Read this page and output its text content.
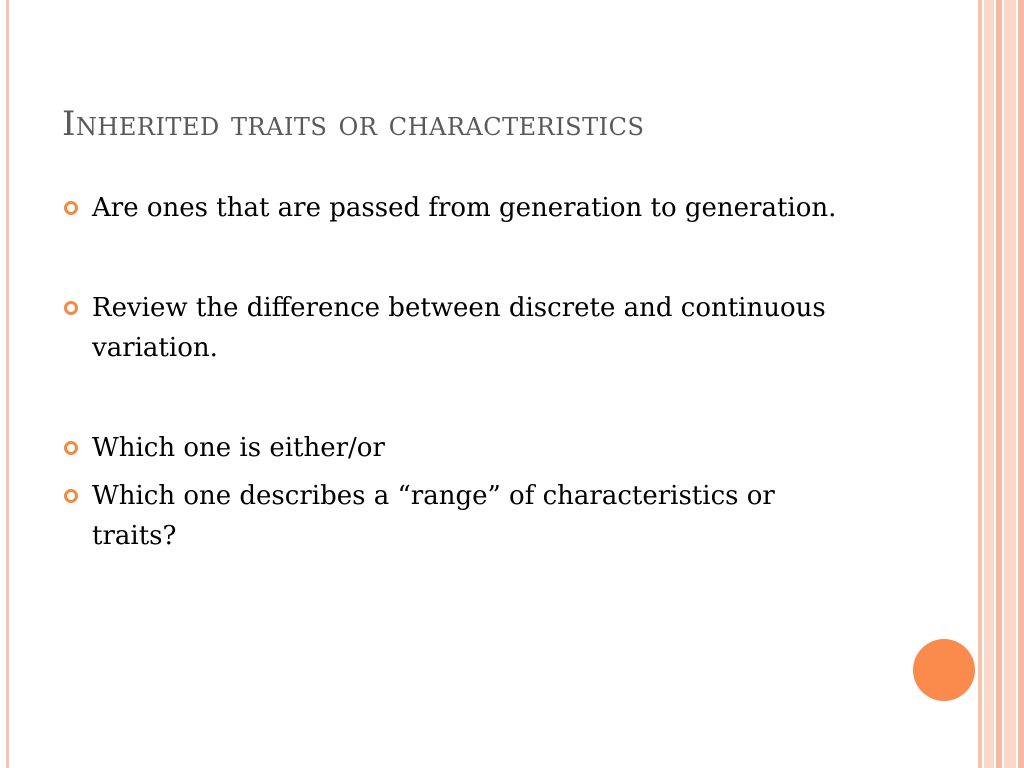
Inherited traits or characteristics
Are ones that are passed from generation to generation.
Review the difference between discrete and continuous variation.
Which one is either/or
Which one describes a “range” of characteristics or traits?
